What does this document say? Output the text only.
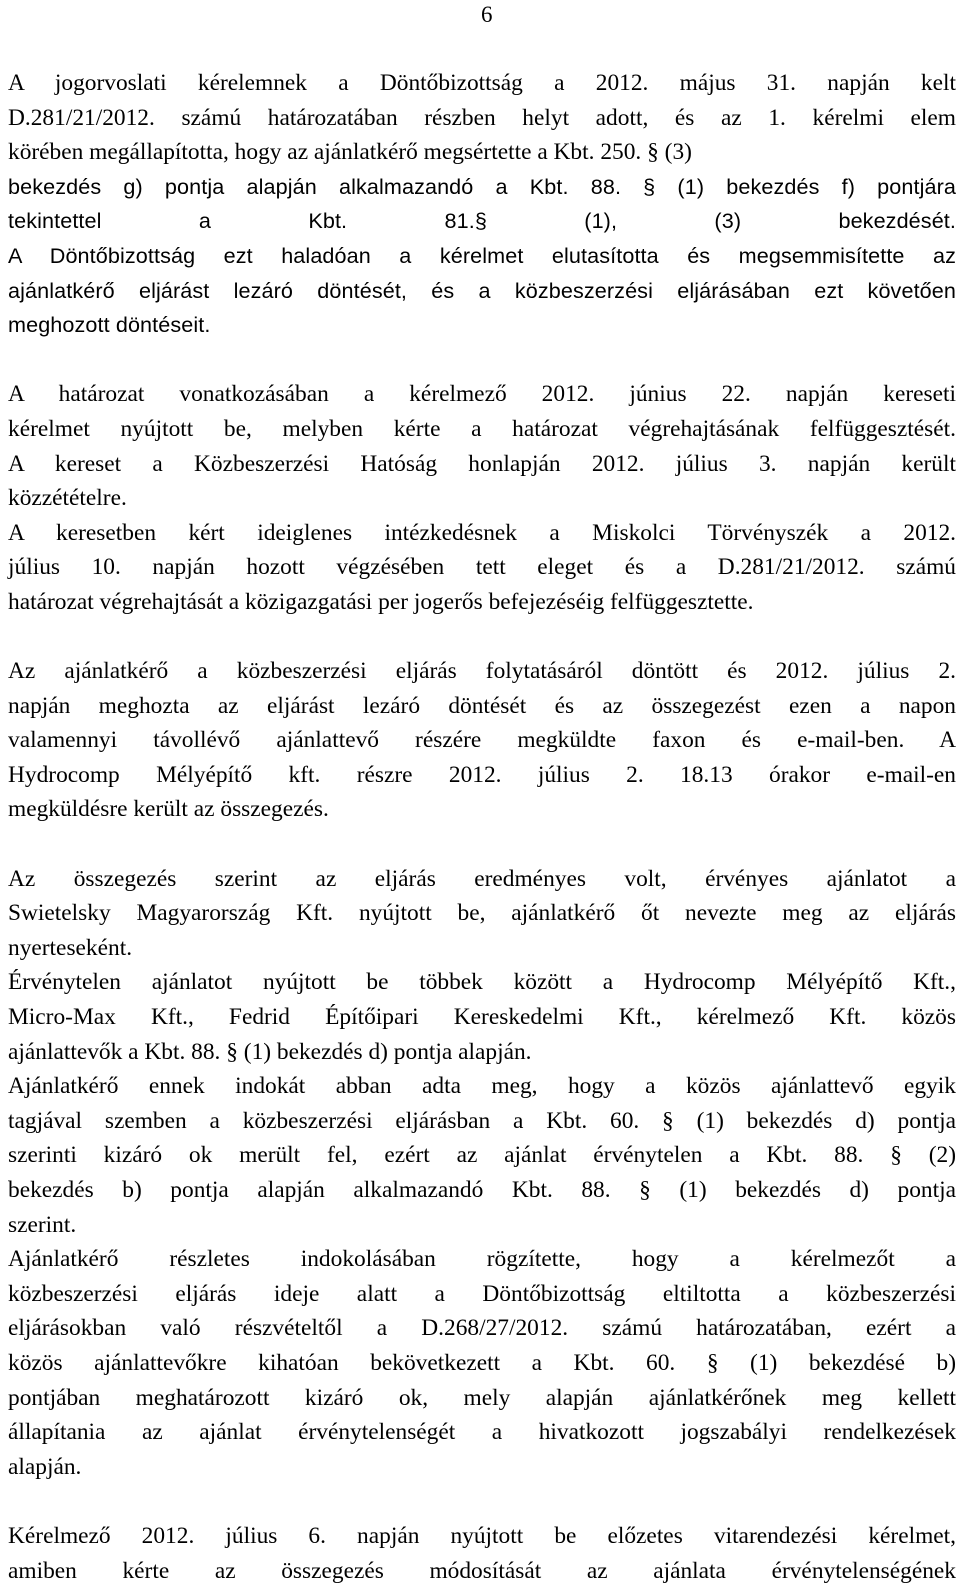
6
A jogorvoslati kérelemnek a Döntőbizottság a 2012. május 31. napján kelt
D.281/21/2012. számú határozatában részben helyt adott, és az 1. kérelmi elem
körében megállapította, hogy az ajánlatkérő megsértette a Kbt. 250. § (3)
bekezdés g) pontja alapján alkalmazandó a Kbt. 88. § (1) bekezdés f) pontjára
tekintettel a Kbt. 81.§ (1), (3) bekezdését.
A Döntőbizottság ezt haladóan a kérelmet elutasította és megsemmisítette az
ajánlatkérő eljárást lezáró döntését, és a közbeszerzési eljárásában ezt követően
meghozott döntéseit.
A határozat vonatkozásában a kérelmező 2012. június 22. napján kereseti
kérelmet nyújtott be, melyben kérte a határozat végrehajtásának felfüggesztését.
A kereset a Közbeszerzési Hatóság honlapján 2012. július 3. napján került
közzétételre.
A keresetben kért ideiglenes intézkedésnek a Miskolci Törvényszék a 2012.
július 10. napján hozott végzésében tett eleget és a D.281/21/2012. számú
határozat végrehajtását a közigazgatási per jogerős befejezéséig felfüggesztette.
Az ajánlatkérő a közbeszerzési eljárás folytatásáról döntött és 2012. július 2.
napján meghozta az eljárást lezáró döntését és az összegezést ezen a napon
valamennyi távollévő ajánlattevő részére megküldte faxon és e-mail-ben. A
Hydrocomp Mélyépítő kft. részre 2012. július 2. 18.13 órakor e-mail-en
megküldésre került az összegezés.
Az összegezés szerint az eljárás eredményes volt, érvényes ajánlatot a
Swietelsky Magyarország Kft. nyújtott be, ajánlatkérő őt nevezte meg az eljárás
nyerteseként.
Érvénytelen ajánlatot nyújtott be többek között a Hydrocomp Mélyépítő Kft.,
Micro-Max Kft., Fedrid Építőipari Kereskedelmi Kft., kérelmező Kft. közös
ajánlattevők a Kbt. 88. § (1) bekezdés d) pontja alapján.
Ajánlatkérő ennek indokát abban adta meg, hogy a közös ajánlattevő egyik
tagjával szemben a közbeszerzési eljárásban a Kbt. 60. § (1) bekezdés d) pontja
szerinti kizáró ok merült fel, ezért az ajánlat érvénytelen a Kbt. 88. § (2)
bekezdés b) pontja alapján alkalmazandó Kbt. 88. § (1) bekezdés d) pontja
szerint.
Ajánlatkérő részletes indokolásában rögzítette, hogy a kérelmezőt a
közbeszerzési eljárás ideje alatt a Döntőbizottság eltiltotta a közbeszerzési
eljárásokban való részvételtől a D.268/27/2012. számú határozatában, ezért a
közös ajánlattevőkre kihatóan bekövetkezett a Kbt. 60. § (1) bekezdésé b)
pontjában meghatározott kizáró ok, mely alapján ajánlatkérőnek meg kellett
állapítania az ajánlat érvénytelenségét a hivatkozott jogszabályi rendelkezések
alapján.
Kérelmező 2012. július 6. napján nyújtott be előzetes vitarendezési kérelmet,
amiben kérte az összegezés módosítását az ajánlata érvénytelenségének
